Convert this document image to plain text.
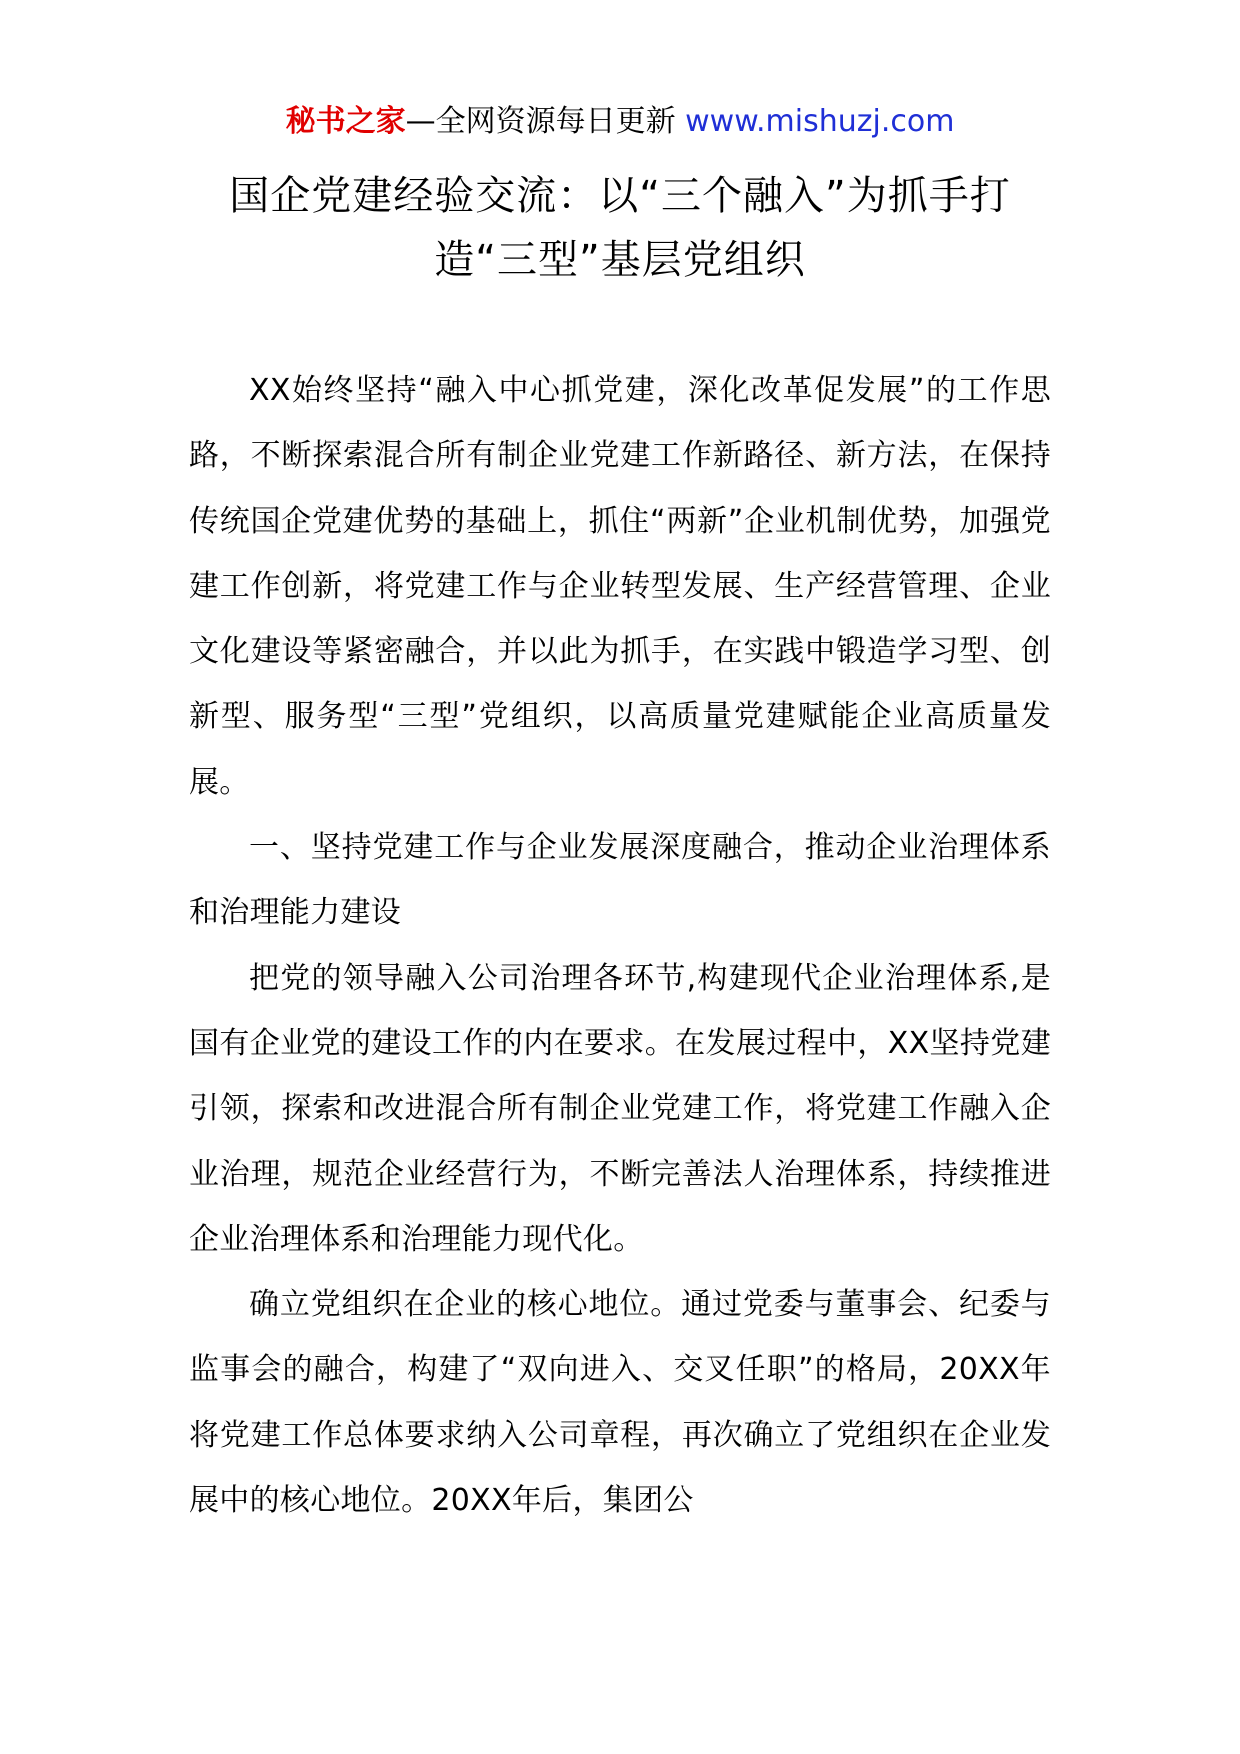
秘书之家—全网资源每日更新 www.mishuzj.com
国企党建经验交流：以“三个融入”为抓手打造“三型”基层党组织

XX始终坚持“融入中心抓党建，深化改革促发展”的工作思路，不断探索混合所有制企业党建工作新路径、新方法，在保持传统国企党建优势的基础上，抓住“两新”企业机制优势，加强党建工作创新，将党建工作与企业转型发展、生产经营管理、企业文化建设等紧密融合，并以此为抓手，在实践中锻造学习型、创新型、服务型“三型”党组织，以高质量党建赋能企业高质量发展。

一、坚持党建工作与企业发展深度融合，推动企业治理体系和治理能力建设

把党的领导融入公司治理各环节,构建现代企业治理体系,是国有企业党的建设工作的内在要求。在发展过程中，XX坚持党建引领，探索和改进混合所有制企业党建工作，将党建工作融入企业治理，规范企业经营行为，不断完善法人治理体系，持续推进企业治理体系和治理能力现代化。

确立党组织在企业的核心地位。通过党委与董事会、纪委与监事会的融合，构建了“双向进入、交叉任职”的格局，20XX年将党建工作总体要求纳入公司章程，再次确立了党组织在企业发展中的核心地位。20XX年后，集团公
